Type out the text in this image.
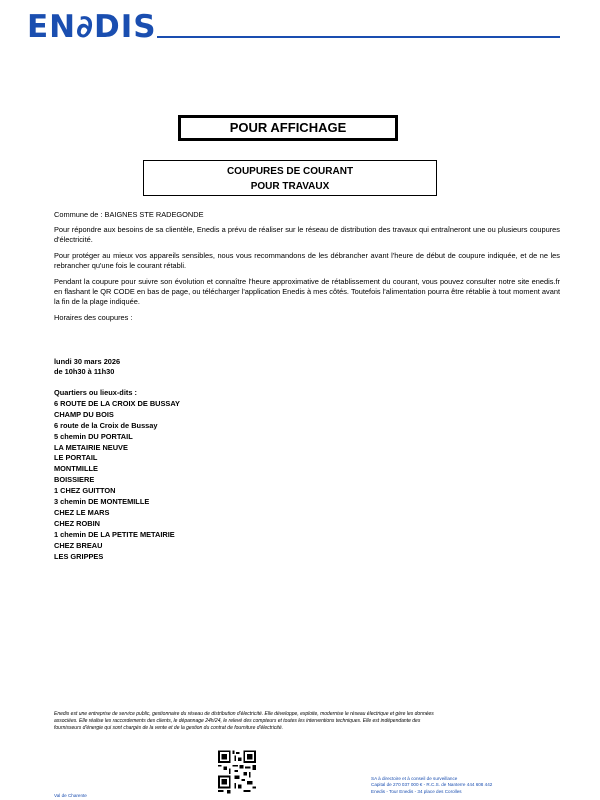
EN∂DIS
POUR AFFICHAGE
COUPURES DE COURANT
POUR TRAVAUX

Commune de : BAIGNES STE RADEGONDE

Pour répondre aux besoins de sa clientèle, Enedis a prévu de réaliser sur le réseau de distribution des travaux qui entraîneront une ou plusieurs coupures d'électricité.

Pour protéger au mieux vos appareils sensibles, nous vous recommandons de les débrancher avant l'heure de début de coupure indiquée, et de ne les rebrancher qu'une fois le courant rétabli.

Pendant la coupure pour suivre son évolution et connaître l'heure approximative de rétablissement du courant, vous pouvez consulter notre site enedis.fr en flashant le QR CODE en bas de page, ou télécharger l'application Enedis à mes côtés. Toutefois l'alimentation pourra être rétablie à tout moment avant la fin de la plage indiquée.

Horaires des coupures :

lundi 30 mars 2026
de 10h30 à 11h30
Quartiers ou lieux-dits :
6 ROUTE DE LA CROIX DE BUSSAY
CHAMP DU BOIS
6 route de la Croix de Bussay
5 chemin DU PORTAIL
LA METAIRIE NEUVE
LE PORTAIL
MONTMILLE
BOISSIERE
1 CHEZ GUITTON
3 chemin DE MONTEMILLE
CHEZ LE MARS
CHEZ ROBIN
1 chemin DE LA PETITE METAIRIE
CHEZ BREAU
LES GRIPPES

Enedis est une entreprise de service public, gestionnaire du réseau de distribution d'électricité. Elle développe, exploite, modernise le réseau électrique et gère les données

associées. Elle réalise les raccordements des clients, le dépannage 24h/24, le relevé des compteurs et toutes les interventions techniques. Elle est indépendante des

fournisseurs d'énergie qui sont chargés de la vente et de la gestion du contrat de fourniture d'électricité.

SA à directoire et à conseil de surveillance
Capital de 270 037 000 € - R.C.S. de Nanterre 444 608 442
Enedis - Tour Enedis - 34 place des Corolles
Val de Charente
